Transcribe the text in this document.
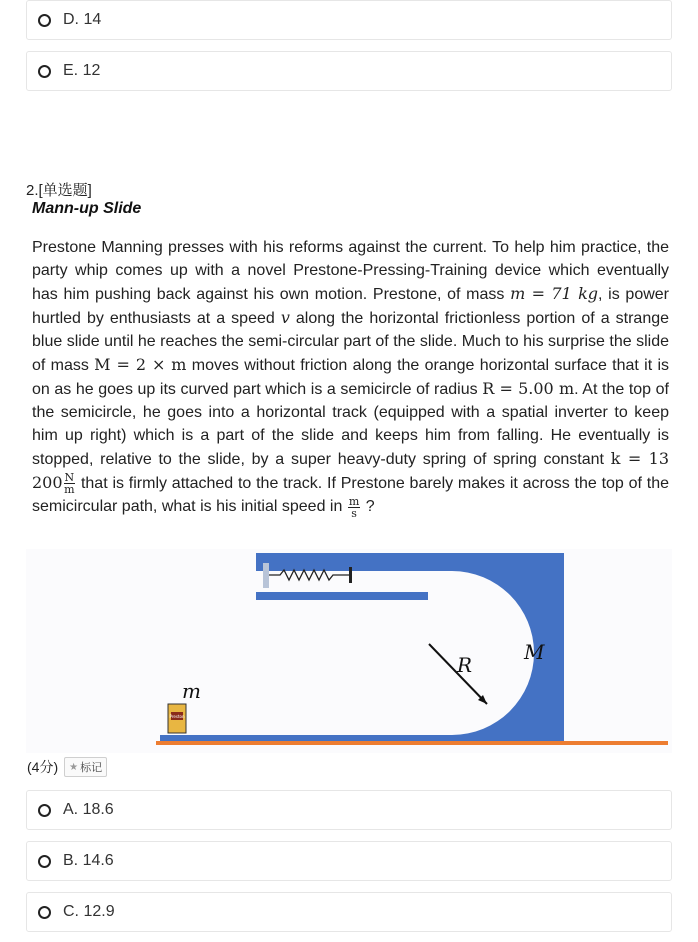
D. 14
E. 12
2.[单选题]
Mann-up Slide

Prestone Manning presses with his reforms against the current. To help him practice, the party whip comes up with a novel Prestone-Pressing-Training device which eventually has him pushing back against his own motion. Prestone, of mass m = 71 kg, is power hurtled by enthusiasts at a speed v along the horizontal frictionless portion of a strange blue slide until he reaches the semi-circular part of the slide. Much to his surprise the slide of mass M = 2 × m moves without friction along the orange horizontal surface that it is on as he goes up its curved part which is a semicircle of radius R = 5.00 m. At the top of the semicircle, he goes into a horizontal track (equipped with a spatial inverter to keep him up right) which is a part of the slide and keeps him from falling. He eventually is stopped, relative to the slide, by a super heavy-duty spring of spring constant k = 13 $200 \frac{N}{m}$ that is firmly attached to the track. If Prestone barely makes it across the top of the semicircular path, what is his initial speed in $\frac{m}{s}$ ?

R
M
m
Preston
(4分) ★ 标记
A. 18.6
B. 14.6
C. 12.9
